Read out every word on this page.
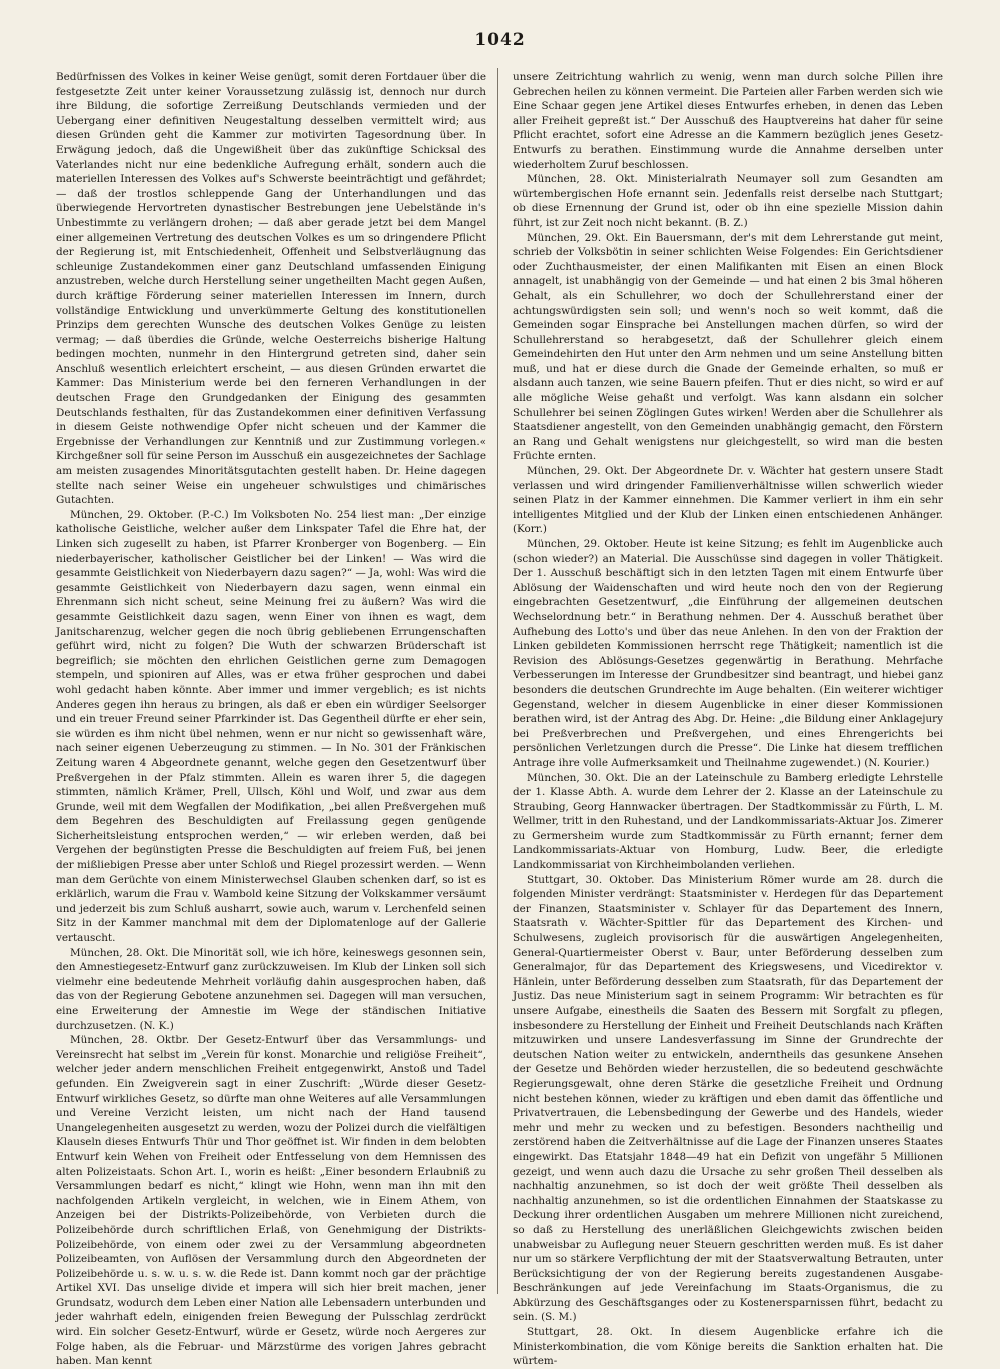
1042

Bedürfnissen des Volkes in keiner Weise genügt, somit deren Fortdauer über die festgesetzte Zeit unter keiner Voraussetzung zulässig ist, dennoch nur durch ihre Bildung, die sofortige Zerreißung Deutschlands vermieden und der Uebergang einer definitiven Neugestaltung desselben vermittelt wird; aus diesen Gründen geht die Kammer zur motivirten Tagesordnung über. In Erwägung jedoch, daß die Ungewißheit über das zukünftige Schicksal des Vaterlandes nicht nur eine bedenkliche Aufregung erhält, sondern auch die materiellen Interessen des Volkes auf's Schwerste beeinträchtigt und gefährdet; — daß der trostlos schleppende Gang der Unterhandlungen und das überwiegende Hervortreten dynastischer Bestrebungen jene Uebelstände in's Unbestimmte zu verlängern drohen; — daß aber gerade jetzt bei dem Mangel einer allgemeinen Vertretung des deutschen Volkes es um so dringendere Pflicht der Regierung ist, mit Entschiedenheit, Offenheit und Selbstverläugnung das schleunige Zustandekommen einer ganz Deutschland umfassenden Einigung anzustreben, welche durch Herstellung seiner ungetheilten Macht gegen Außen, durch kräftige Förderung seiner materiellen Interessen im Innern, durch vollständige Entwicklung und unverkümmerte Geltung des konstitutionellen Prinzips dem gerechten Wunsche des deutschen Volkes Genüge zu leisten vermag; — daß überdies die Gründe, welche Oesterreichs bisherige Haltung bedingen mochten, nunmehr in den Hintergrund getreten sind, daher sein Anschluß wesentlich erleichtert erscheint, — aus diesen Gründen erwartet die Kammer: Das Ministerium werde bei den ferneren Verhandlungen in der deutschen Frage den Grundgedanken der Einigung des gesammten Deutschlands festhalten, für das Zustandekommen einer definitiven Verfassung in diesem Geiste nothwendige Opfer nicht scheuen und der Kammer die Ergebnisse der Verhandlungen zur Kenntniß und zur Zustimmung vorlegen.« Kirchgeßner soll für seine Person im Ausschuß ein ausgezeichnetes der Sachlage am meisten zusagendes Minoritätsgutachten gestellt haben. Dr. Heine dagegen stellte nach seiner Weise ein ungeheuer schwulstiges und chimärisches Gutachten.

München, 29. Oktober. (P.-C.) Im Volksboten No. 254 liest man: „Der einzige katholische Geistliche, welcher außer dem Linkspater Tafel die Ehre hat, der Linken sich zugesellt zu haben, ist Pfarrer Kronberger von Bogenberg. — Ein niederbayerischer, katholischer Geistlicher bei der Linken! — Was wird die gesammte Geistlichkeit von Niederbayern dazu sagen?“ — Ja, wohl: Was wird die gesammte Geistlichkeit von Niederbayern dazu sagen, wenn einmal ein Ehrenmann sich nicht scheut, seine Meinung frei zu äußern? Was wird die gesammte Geistlichkeit dazu sagen, wenn Einer von ihnen es wagt, dem Janitscharenzug, welcher gegen die noch übrig gebliebenen Errungenschaften geführt wird, nicht zu folgen? Die Wuth der schwarzen Brüderschaft ist begreiflich; sie möchten den ehrlichen Geistlichen gerne zum Demagogen stempeln, und spioniren auf Alles, was er etwa früher gesprochen und dabei wohl gedacht haben könnte. Aber immer und immer vergeblich; es ist nichts Anderes gegen ihn heraus zu bringen, als daß er eben ein würdiger Seelsorger und ein treuer Freund seiner Pfarrkinder ist. Das Gegentheil dürfte er eher sein, sie würden es ihm nicht übel nehmen, wenn er nur nicht so gewissenhaft wäre, nach seiner eigenen Ueberzeugung zu stimmen. — In No. 301 der Fränkischen Zeitung waren 4 Abgeordnete genannt, welche gegen den Gesetzentwurf über Preßvergehen in der Pfalz stimmten. Allein es waren ihrer 5, die dagegen stimmten, nämlich Krämer, Prell, Ullsch, Köhl und Wolf, und zwar aus dem Grunde, weil mit dem Wegfallen der Modifikation, „bei allen Preßvergehen muß dem Begehren des Beschuldigten auf Freilassung gegen genügende Sicherheitsleistung entsprochen werden,“ — wir erleben werden, daß bei Vergehen der begünstigten Presse die Beschuldigten auf freiem Fuß, bei jenen der mißliebigen Presse aber unter Schloß und Riegel prozessirt werden. — Wenn man dem Gerüchte von einem Ministerwechsel Glauben schenken darf, so ist es erklärlich, warum die Frau v. Wambold keine Sitzung der Volkskammer versäumt und jederzeit bis zum Schluß ausharrt, sowie auch, warum v. Lerchenfeld seinen Sitz in der Kammer manchmal mit dem der Diplomatenloge auf der Gallerie vertauscht.

München, 28. Okt. Die Minorität soll, wie ich höre, keineswegs gesonnen sein, den Amnestiegesetz-Entwurf ganz zurückzuweisen. Im Klub der Linken soll sich vielmehr eine bedeutende Mehrheit vorläufig dahin ausgesprochen haben, daß das von der Regierung Gebotene anzunehmen sei. Dagegen will man versuchen, eine Erweiterung der Amnestie im Wege der ständischen Initiative durchzusetzen. (N. K.)

München, 28. Oktbr. Der Gesetz-Entwurf über das Versammlungs- und Vereinsrecht hat selbst im „Verein für konst. Monarchie und religiöse Freiheit“, welcher jeder andern menschlichen Freiheit entgegenwirkt, Anstoß und Tadel gefunden. Ein Zweigverein sagt in einer Zuschrift: „Würde dieser Gesetz-Entwurf wirkliches Gesetz, so dürfte man ohne Weiteres auf alle Versammlungen und Vereine Verzicht leisten, um nicht nach der Hand tausend Unangelegenheiten ausgesetzt zu werden, wozu der Polizei durch die vielfältigen Klauseln dieses Entwurfs Thür und Thor geöffnet ist. Wir finden in dem belobten Entwurf kein Wehen von Freiheit oder Entfesselung von dem Hemnissen des alten Polizeistaats. Schon Art. I., worin es heißt: „Einer besondern Erlaubniß zu Versammlungen bedarf es nicht,“ klingt wie Hohn, wenn man ihn mit den nachfolgenden Artikeln vergleicht, in welchen, wie in Einem Athem, von Anzeigen bei der Distrikts-Polizeibehörde, von Verbieten durch die Polizeibehörde durch schriftlichen Erlaß, von Genehmigung der Distrikts-Polizeibehörde, von einem oder zwei zu der Versammlung abgeordneten Polizeibeamten, von Auflösen der Versammlung durch den Abgeordneten der Polizeibehörde u. s. w. u. s. w. die Rede ist. Dann kommt noch gar der prächtige Artikel XVI. Das unselige divide et impera will sich hier breit machen, jener Grundsatz, wodurch dem Leben einer Nation alle Lebensadern unterbunden und jeder wahrhaft edeln, einigenden freien Bewegung der Pulsschlag zerdrückt wird. Ein solcher Gesetz-Entwurf, würde er Gesetz, würde noch Aergeres zur Folge haben, als die Februar- und Märzstürme des vorigen Jahres gebracht haben. Man kennt

unsere Zeitrichtung wahrlich zu wenig, wenn man durch solche Pillen ihre Gebrechen heilen zu können vermeint. Die Parteien aller Farben werden sich wie Eine Schaar gegen jene Artikel dieses Entwurfes erheben, in denen das Leben aller Freiheit gepreßt ist.“ Der Ausschuß des Hauptvereins hat daher für seine Pflicht erachtet, sofort eine Adresse an die Kammern bezüglich jenes Gesetz-Entwurfs zu berathen. Einstimmung wurde die Annahme derselben unter wiederholtem Zuruf beschlossen.

München, 28. Okt. Ministerialrath Neumayer soll zum Gesandten am würtembergischen Hofe ernannt sein. Jedenfalls reist derselbe nach Stuttgart; ob diese Ernennung der Grund ist, oder ob ihn eine spezielle Mission dahin führt, ist zur Zeit noch nicht bekannt. (B. Z.)

München, 29. Okt. Ein Bauersmann, der's mit dem Lehrerstande gut meint, schrieb der Volksbötin in seiner schlichten Weise Folgendes: Ein Gerichtsdiener oder Zuchthausmeister, der einen Malifikanten mit Eisen an einen Block annagelt, ist unabhängig von der Gemeinde — und hat einen 2 bis 3mal höheren Gehalt, als ein Schullehrer, wo doch der Schullehrerstand einer der achtungswürdigsten sein soll; und wenn's noch so weit kommt, daß die Gemeinden sogar Einsprache bei Anstellungen machen dürfen, so wird der Schullehrerstand so herabgesetzt, daß der Schullehrer gleich einem Gemeindehirten den Hut unter den Arm nehmen und um seine Anstellung bitten muß, und hat er diese durch die Gnade der Gemeinde erhalten, so muß er alsdann auch tanzen, wie seine Bauern pfeifen. Thut er dies nicht, so wird er auf alle mögliche Weise gehaßt und verfolgt. Was kann alsdann ein solcher Schullehrer bei seinen Zöglingen Gutes wirken! Werden aber die Schullehrer als Staatsdiener angestellt, von den Gemeinden unabhängig gemacht, den Förstern an Rang und Gehalt wenigstens nur gleichgestellt, so wird man die besten Früchte ernten.

München, 29. Okt. Der Abgeordnete Dr. v. Wächter hat gestern unsere Stadt verlassen und wird dringender Familienverhältnisse willen schwerlich wieder seinen Platz in der Kammer einnehmen. Die Kammer verliert in ihm ein sehr intelligentes Mitglied und der Klub der Linken einen entschiedenen Anhänger. (Korr.)

München, 29. Oktober. Heute ist keine Sitzung; es fehlt im Augenblicke auch (schon wieder?) an Material. Die Ausschüsse sind dagegen in voller Thätigkeit. Der 1. Ausschuß beschäftigt sich in den letzten Tagen mit einem Entwurfe über Ablösung der Waidenschaften und wird heute noch den von der Regierung eingebrachten Gesetzentwurf, „die Einführung der allgemeinen deutschen Wechselordnung betr.“ in Berathung nehmen. Der 4. Ausschuß berathet über Aufhebung des Lotto's und über das neue Anlehen. In den von der Fraktion der Linken gebildeten Kommissionen herrscht rege Thätigkeit; namentlich ist die Revision des Ablösungs-Gesetzes gegenwärtig in Berathung. Mehrfache Verbesserungen im Interesse der Grundbesitzer sind beantragt, und hiebei ganz besonders die deutschen Grundrechte im Auge behalten. (Ein weiterer wichtiger Gegenstand, welcher in diesem Augenblicke in einer dieser Kommissionen berathen wird, ist der Antrag des Abg. Dr. Heine: „die Bildung einer Anklagejury bei Preßverbrechen und Preßvergehen, und eines Ehrengerichts bei persönlichen Verletzungen durch die Presse“. Die Linke hat diesem trefflichen Antrage ihre volle Aufmerksamkeit und Theilnahme zugewendet.) (N. Kourier.)

München, 30. Okt. Die an der Lateinschule zu Bamberg erledigte Lehrstelle der 1. Klasse Abth. A. wurde dem Lehrer der 2. Klasse an der Lateinschule zu Straubing, Georg Hannwacker übertragen. Der Stadtkommissär zu Fürth, L. M. Wellmer, tritt in den Ruhestand, und der Landkommissariats-Aktuar Jos. Zimerer zu Germersheim wurde zum Stadtkommissär zu Fürth ernannt; ferner dem Landkommissariats-Aktuar von Homburg, Ludw. Beer, die erledigte Landkommissariat von Kirchheimbolanden verliehen.

Stuttgart, 30. Oktober. Das Ministerium Römer wurde am 28. durch die folgenden Minister verdrängt: Staatsminister v. Herdegen für das Departement der Finanzen, Staatsminister v. Schlayer für das Departement des Innern, Staatsrath v. Wächter-Spittler für das Departement des Kirchen- und Schulwesens, zugleich provisorisch für die auswärtigen Angelegenheiten, General-Quartiermeister Oberst v. Baur, unter Beförderung desselben zum Generalmajor, für das Departement des Kriegswesens, und Vicedirektor v. Hänlein, unter Beförderung desselben zum Staatsrath, für das Departement der Justiz. Das neue Ministerium sagt in seinem Programm: Wir betrachten es für unsere Aufgabe, einestheils die Saaten des Bessern mit Sorgfalt zu pflegen, insbesondere zu Herstellung der Einheit und Freiheit Deutschlands nach Kräften mitzuwirken und unsere Landesverfassung im Sinne der Grundrechte der deutschen Nation weiter zu entwickeln, anderntheils das gesunkene Ansehen der Gesetze und Behörden wieder herzustellen, die so bedeutend geschwächte Regierungsgewalt, ohne deren Stärke die gesetzliche Freiheit und Ordnung nicht bestehen können, wieder zu kräftigen und eben damit das öffentliche und Privatvertrauen, die Lebensbedingung der Gewerbe und des Handels, wieder mehr und mehr zu wecken und zu befestigen. Besonders nachtheilig und zerstörend haben die Zeitverhältnisse auf die Lage der Finanzen unseres Staates eingewirkt. Das Etatsjahr 1848—49 hat ein Defizit von ungefähr 5 Millionen gezeigt, und wenn auch dazu die Ursache zu sehr großen Theil desselben als nachhaltig anzunehmen, so ist doch der weit größte Theil desselben als nachhaltig anzunehmen, so ist die ordentlichen Einnahmen der Staatskasse zu Deckung ihrer ordentlichen Ausgaben um mehrere Millionen nicht zureichend, so daß zu Herstellung des unerläßlichen Gleichgewichts zwischen beiden unabweisbar zu Auflegung neuer Steuern geschritten werden muß. Es ist daher nur um so stärkere Verpflichtung der mit der Staatsverwaltung Betrauten, unter Berücksichtigung der von der Regierung bereits zugestandenen Ausgabe-Beschränkungen auf jede Vereinfachung im Staats-Organismus, die zu Abkürzung des Geschäftsganges oder zu Kostenersparnissen führt, bedacht zu sein. (S. M.)

Stuttgart, 28. Okt. In diesem Augenblicke erfahre ich die Ministerkombination, die vom Könige bereits die Sanktion erhalten hat. Die würtem-
